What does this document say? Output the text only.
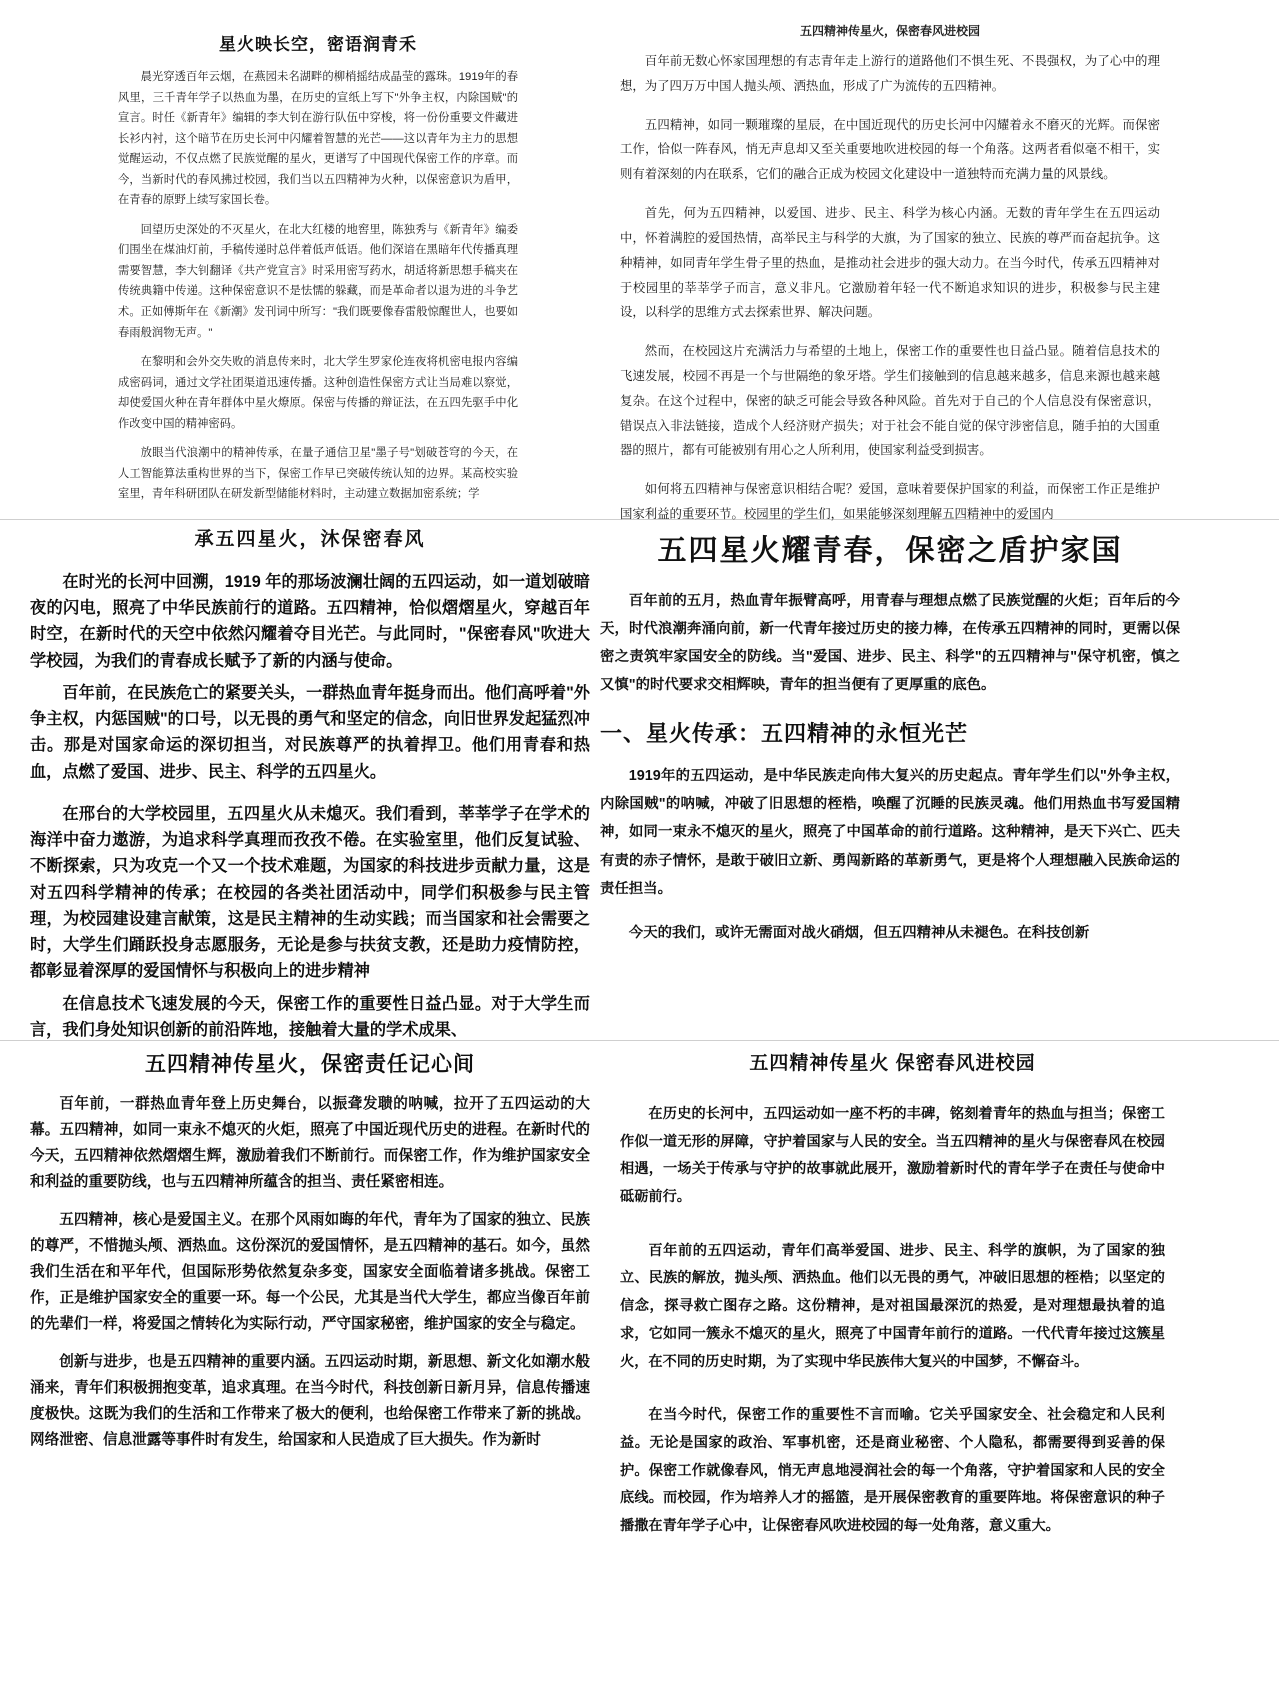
星火映长空，密语润青禾

晨光穿透百年云烟，在燕园未名湖畔的柳梢摇结成晶莹的露珠。1919年的春风里，三千青年学子以热血为墨，在历史的宣纸上写下"外争主权，内除国贼"的宣言。时任《新青年》编辑的李大钊在游行队伍中穿梭，将一份份重要文件藏进长衫内衬，这个暗节在历史长河中闪耀着智慧的光芒——这以青年为主力的思想觉醒运动，不仅点燃了民族觉醒的星火，更谱写了中国现代保密工作的序章。而今，当新时代的春风拂过校园，我们当以五四精神为火种，以保密意识为盾甲，在青春的原野上续写家国长卷。

回望历史深处的不灭星火，在北大红楼的地窖里，陈独秀与《新青年》编委们围坐在煤油灯前，手稿传递时总伴着低声低语。他们深谙在黑暗年代传播真理需要智慧，李大钊翻译《共产党宣言》时采用密写药水，胡适将新思想手稿夹在传统典籍中传递。这种保密意识不是怯懦的躲藏，而是革命者以退为进的斗争艺术。正如傅斯年在《新潮》发刊词中所写："我们既要像春雷般惊醒世人，也要如春雨般润物无声。"

在黎明和会外交失败的消息传来时，北大学生罗家伦连夜将机密电报内容编成密码词，通过文学社团渠道迅速传播。这种创造性保密方式让当局难以察觉，却使爱国火种在青年群体中星火燎原。保密与传播的辩证法，在五四先驱手中化作改变中国的精神密码。

放眼当代浪潮中的精神传承，在量子通信卫星"墨子号"划破苍穹的今天，在人工智能算法重构世界的当下，保密工作早已突破传统认知的边界。某高校实验室里，青年科研团队在研发新型储能材料时，主动建立数据加密系统；学

五四精神传星火，保密春风进校园

百年前无数心怀家国理想的有志青年走上游行的道路他们不惧生死、不畏强权，为了心中的理想，为了四万万中国人抛头颅、洒热血，形成了广为流传的五四精神。

五四精神，如同一颗璀璨的星辰，在中国近现代的历史长河中闪耀着永不磨灭的光辉。而保密工作，恰似一阵春风，悄无声息却又至关重要地吹进校园的每一个角落。这两者看似毫不相干，实则有着深刻的内在联系，它们的融合正成为校园文化建设中一道独特而充满力量的风景线。

首先，何为五四精神，以爱国、进步、民主、科学为核心内涵。无数的青年学生在五四运动中，怀着满腔的爱国热情，高举民主与科学的大旗，为了国家的独立、民族的尊严而奋起抗争。这种精神，如同青年学生骨子里的热血，是推动社会进步的强大动力。在当今时代，传承五四精神对于校园里的莘莘学子而言，意义非凡。它激励着年轻一代不断追求知识的进步，积极参与民主建设，以科学的思维方式去探索世界、解决问题。

然而，在校园这片充满活力与希望的土地上，保密工作的重要性也日益凸显。随着信息技术的飞速发展，校园不再是一个与世隔绝的象牙塔。学生们接触到的信息越来越多，信息来源也越来越复杂。在这个过程中，保密的缺乏可能会导致各种风险。首先对于自己的个人信息没有保密意识，错误点入非法链接，造成个人经济财产损失；对于社会不能自觉的保守涉密信息，随手拍的大国重器的照片，都有可能被别有用心之人所利用，使国家利益受到损害。

如何将五四精神与保密意识相结合呢？爱国，意味着要保护国家的利益，而保密工作正是维护国家利益的重要环节。校园里的学生们，如果能够深刻理解五四精神中的爱国内

承五四星火，沐保密春风

在时光的长河中回溯，1919 年的那场波澜壮阔的五四运动，如一道划破暗夜的闪电，照亮了中华民族前行的道路。五四精神，恰似熠熠星火，穿越百年时空，在新时代的天空中依然闪耀着夺目光芒。与此同时，"保密春风"吹进大学校园，为我们的青春成长赋予了新的内涵与使命。

百年前，在民族危亡的紧要关头，一群热血青年挺身而出。他们高呼着"外争主权，内惩国贼"的口号，以无畏的勇气和坚定的信念，向旧世界发起猛烈冲击。那是对国家命运的深切担当，对民族尊严的执着捍卫。他们用青春和热血，点燃了爱国、进步、民主、科学的五四星火。

在邢台的大学校园里，五四星火从未熄灭。我们看到，莘莘学子在学术的海洋中奋力遨游，为追求科学真理而孜孜不倦。在实验室里，他们反复试验、不断探索，只为攻克一个又一个技术难题，为国家的科技进步贡献力量，这是对五四科学精神的传承；在校园的各类社团活动中，同学们积极参与民主管理，为校园建设建言献策，这是民主精神的生动实践；而当国家和社会需要之时，大学生们踊跃投身志愿服务，无论是参与扶贫支教，还是助力疫情防控，都彰显着深厚的爱国情怀与积极向上的进步精神

在信息技术飞速发展的今天，保密工作的重要性日益凸显。对于大学生而言，我们身处知识创新的前沿阵地，接触着大量的学术成果、

五四星火耀青春，保密之盾护家国

百年前的五月，热血青年振臂高呼，用青春与理想点燃了民族觉醒的火炬；百年后的今天，时代浪潮奔涌向前，新一代青年接过历史的接力棒，在传承五四精神的同时，更需以保密之责筑牢家国安全的防线。当"爱国、进步、民主、科学"的五四精神与"保守机密，慎之又慎"的时代要求交相辉映，青年的担当便有了更厚重的底色。

一、星火传承：五四精神的永恒光芒

1919年的五四运动，是中华民族走向伟大复兴的历史起点。青年学生们以"外争主权，内除国贼"的呐喊，冲破了旧思想的桎梏，唤醒了沉睡的民族灵魂。他们用热血书写爱国精神，如同一束永不熄灭的星火，照亮了中国革命的前行道路。这种精神，是天下兴亡、匹夫有责的赤子情怀，是敢于破旧立新、勇闯新路的革新勇气，更是将个人理想融入民族命运的责任担当。

今天的我们，或许无需面对战火硝烟，但五四精神从未褪色。在科技创新

五四精神传星火，保密责任记心间

百年前，一群热血青年登上历史舞台，以振聋发聩的呐喊，拉开了五四运动的大幕。五四精神，如同一束永不熄灭的火炬，照亮了中国近现代历史的进程。在新时代的今天，五四精神依然熠熠生辉，激励着我们不断前行。而保密工作，作为维护国家安全和利益的重要防线，也与五四精神所蕴含的担当、责任紧密相连。

五四精神，核心是爱国主义。在那个风雨如晦的年代，青年为了国家的独立、民族的尊严，不惜抛头颅、洒热血。这份深沉的爱国情怀，是五四精神的基石。如今，虽然我们生活在和平年代，但国际形势依然复杂多变，国家安全面临着诸多挑战。保密工作，正是维护国家安全的重要一环。每一个公民，尤其是当代大学生，都应当像百年前的先辈们一样，将爱国之情转化为实际行动，严守国家秘密，维护国家的安全与稳定。

创新与进步，也是五四精神的重要内涵。五四运动时期，新思想、新文化如潮水般涌来，青年们积极拥抱变革，追求真理。在当今时代，科技创新日新月异，信息传播速度极快。这既为我们的生活和工作带来了极大的便利，也给保密工作带来了新的挑战。网络泄密、信息泄露等事件时有发生，给国家和人民造成了巨大损失。作为新时

五四精神传星火 保密春风进校园

在历史的长河中，五四运动如一座不朽的丰碑，铭刻着青年的热血与担当；保密工作似一道无形的屏障，守护着国家与人民的安全。当五四精神的星火与保密春风在校园相遇，一场关于传承与守护的故事就此展开，激励着新时代的青年学子在责任与使命中砥砺前行。

百年前的五四运动，青年们高举爱国、进步、民主、科学的旗帜，为了国家的独立、民族的解放，抛头颅、洒热血。他们以无畏的勇气，冲破旧思想的桎梏；以坚定的信念，探寻救亡图存之路。这份精神，是对祖国最深沉的热爱，是对理想最执着的追求，它如同一簇永不熄灭的星火，照亮了中国青年前行的道路。一代代青年接过这簇星火，在不同的历史时期，为了实现中华民族伟大复兴的中国梦，不懈奋斗。

在当今时代，保密工作的重要性不言而喻。它关乎国家安全、社会稳定和人民利益。无论是国家的政治、军事机密，还是商业秘密、个人隐私，都需要得到妥善的保护。保密工作就像春风，悄无声息地浸润社会的每一个角落，守护着国家和人民的安全底线。而校园，作为培养人才的摇篮，是开展保密教育的重要阵地。将保密意识的种子播撒在青年学子心中，让保密春风吹进校园的每一处角落，意义重大。
